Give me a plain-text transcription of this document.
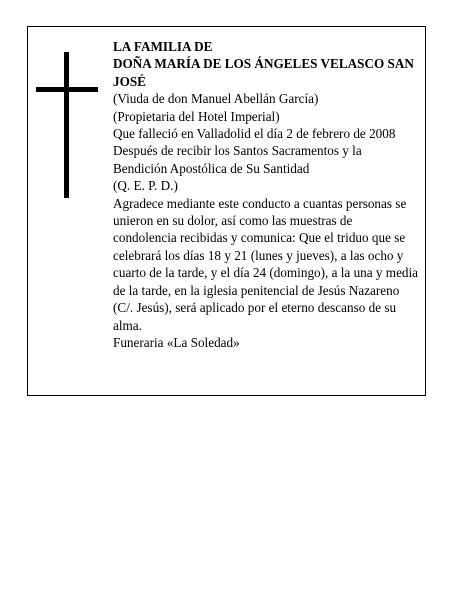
LA FAMILIA DE

DOÑA MARÍA DE LOS ÁNGELES VELASCO SAN JOSÉ

(Viuda de don Manuel Abellán García)

(Propietaria del Hotel Imperial)

Que falleció en Valladolid el día 2 de febrero de 2008

Después de recibir los Santos Sacramentos y la Bendición Apostólica de Su Santidad

(Q. E. P. D.)

Agradece mediante este conducto a cuantas personas se unieron en su dolor, así como las muestras de condolencia recibidas y comunica: Que el triduo que se celebrará los días 18 y 21 (lunes y jueves), a las ocho y cuarto de la tarde, y el día 24 (domingo), a la una y media de la tarde, en la iglesia penitencial de Jesús Nazareno (C/. Jesús), será aplicado por el eterno descanso de su alma.

Funeraria «La Soledad»
